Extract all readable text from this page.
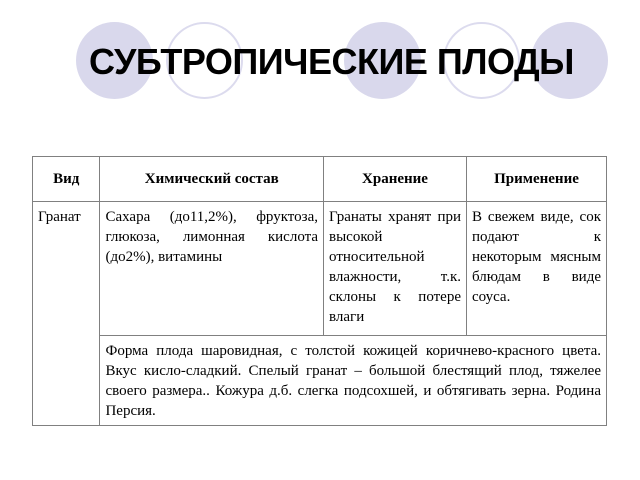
СУБТРОПИЧЕСКИЕ ПЛОДЫ
Вид	Химический состав	Хранение	Применение
Гранат	Сахара (до11,2%), фруктоза, глюкоза, лимонная кислота (до2%), витамины	Гранаты хранят при высокой относительной влажности, т.к. склоны к потере влаги	В свежем виде, сок подают к некоторым мясным блюдам в виде соуса.
	Форма плода шаровидная, с толстой кожицей коричнево-красного цвета. Вкус кисло-сладкий. Спелый гранат – большой блестящий плод, тяжелее своего размера.. Кожура д.б. слегка подсохшей, и обтягивать зерна. Родина Персия.		
